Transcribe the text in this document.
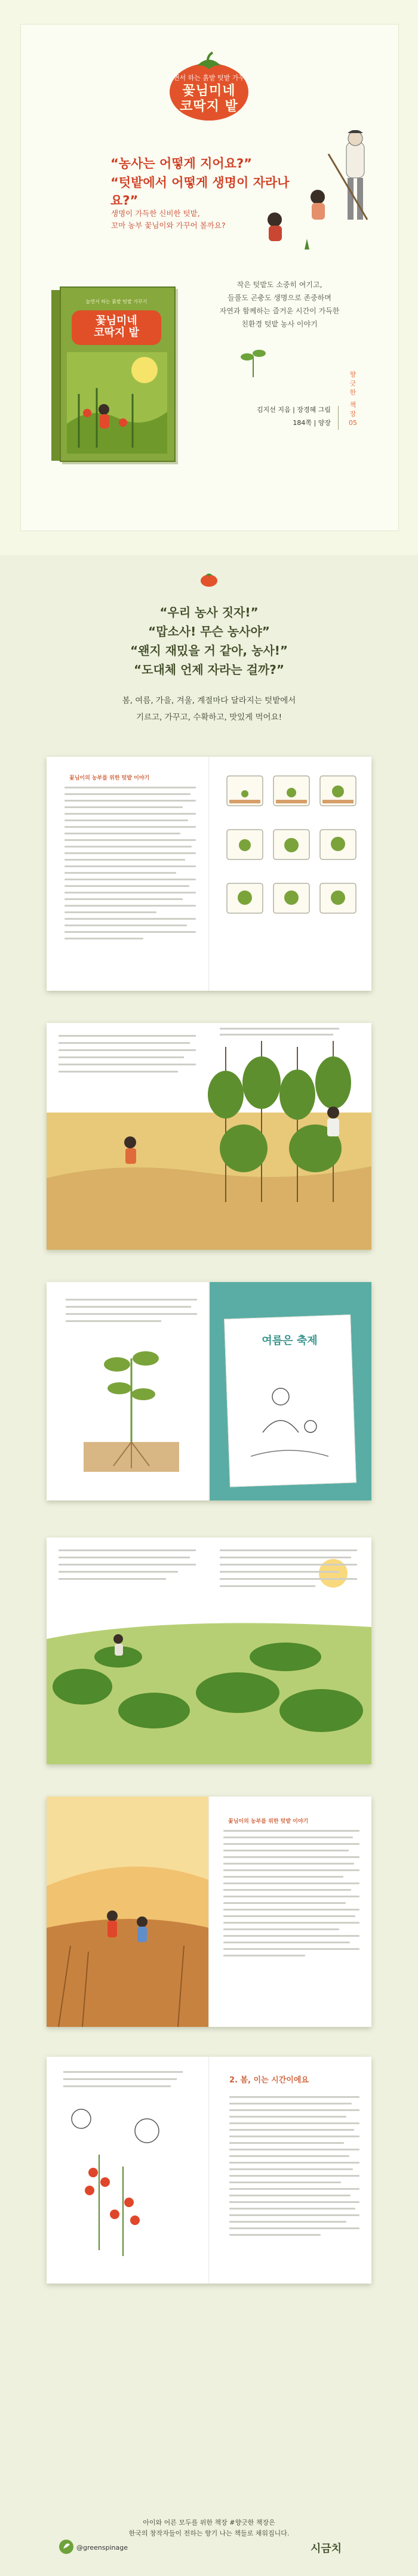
놀면서 하는 흙밭 텃밭 가꾸기
꽃님미네
코딱지 밭
“농사는 어떻게 지어요?”
“텃밭에서 어떻게 생명이 자라나요?”
생명이 가득한 신비한 텃밭,
꼬마 농부 꽃님이와 가꾸어 볼까요?
작은 텃밭도 소중히 여기고,
들풀도 곤충도 생명으로 존중하며
자연과 함께하는 즐거운 시간이 가득한
친환경 텃밭 농사 이야기
놀면서 하는 흙밭 텃밭 가꾸기
꽃님미네
코딱지 밭
향
긋
한
책
장
05
김지선 지음 | 장경혜 그림
184쪽 | 양장
“우리 농사 짓자!”
“맙소사! 무슨 농사야”
“왠지 재밌을 거 같아, 농사!”
“도대체 언제 자라는 걸까?”
봄, 여름, 가을, 겨울, 계절마다 달라지는 텃밭에서
기르고, 가꾸고, 수확하고, 맛있게 먹어요!
꽃님이의 농부를 위한 텃밭 이야기
여름은 축제
꽃님이의 농부를 위한 텃밭 이야기
2. 봄, 이는 시간이에요
아이와 어른 모두를 위한 책장 #향긋한 책장은
한국의 창작자들이 전하는 향기 나는 책들로 채워집니다.
@greenspinage	시금치
